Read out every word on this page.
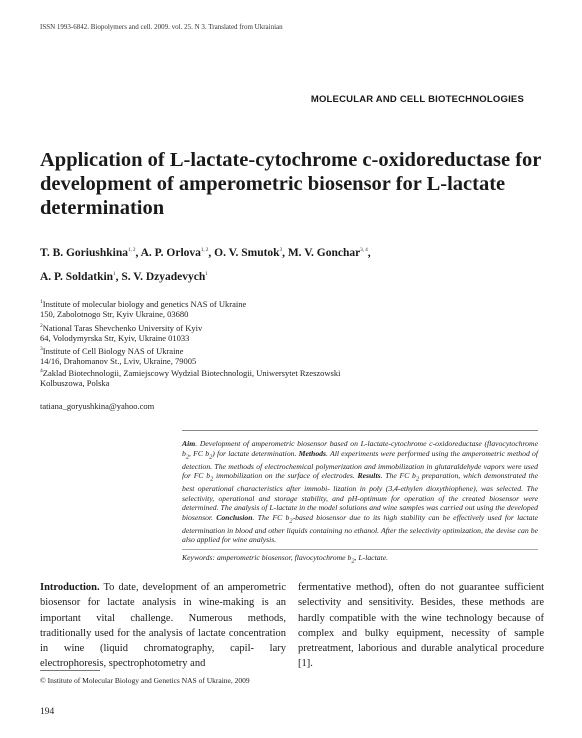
ISSN 1993-6842. Biopolymers and cell. 2009. vol. 25. N 3. Translated from Ukrainian
MOLECULAR AND CELL BIOTECHNOLOGIES
Application of L-lactate-cytochrome c-oxidoreductase for development of amperometric biosensor for L-lactate determination
T. B. Goriushkina$^{1, 2}$, A. P. Orlova$^{1, 2}$, O. V. Smutok$^3$, M. V. Gonchar$^{3, 4}$,
A. P. Soldatkin$^1$, S. V. Dzyadevych$^1$
$^1$Institute of molecular biology and genetics NAS of Ukraine
150, Zabolotnogo Str, Kyiv Ukraine, 03680
$^2$National Taras Shevchenko University of Kyiv
64, Volodymyrska Str, Kyiv, Ukraine 01033
$^3$Institute of Cell Biology NAS of Ukraine
14/16, Drahomanov St., Lviv, Ukraine, 79005
$^4$Zaklad Biotechnologii, Zamiejscowy Wydzial Biotechnologii, Uniwersytet Rzeszowski
Kolbuszowa, Polska
tatiana_goryushkina@yahoo.com
Aim. Development of amperometric biosensor based on L-lactate-cytochrome c-oxidoreductase (flavocytochrome $b_2$, FC $b_2$) for lactate determination. Methods. All experiments were performed using the amperometric method of detection. The methods of electrochemical polymerization and immobilization in glutaraldehyde vapors were used for FC $b_2$ immobilization on the surface of electrodes. Results. The FC $b_2$ preparation, which demonstrated the best operational characteristics after immobi- lization in poly (3,4-ethylen dioxythiophene), was selected. The selectivity, operational and storage stability, and pH-optimum for operation of the created biosensor were determined. The analysis of L-lactate in the model solutions and wine samples was carried out using the developed biosensor. Conclusion. The FC $b_2$-based biosensor due to its high stability can be effectively used for lactate determination in blood and other liquids containing no ethanol. After the selectivity optimization, the devise can be also applied for wine analysis.
Keywords: amperometric biosensor, flavocytochrome $b_2$, L-lactate.
Introduction. To date, development of an amperometric biosensor for lactate analysis in wine-making is an important vital challenge. Numerous methods, traditionally used for the analysis of lactate concentration in wine (liquid chromatography, capil- lary electrophoresis, spectrophotometry and
fermentative method), often do not guarantee sufficient selectivity and sensitivity. Besides, these methods are hardly compatible with the wine technology because of complex and bulky equipment, necessity of sample pretreatment, laborious and durable analytical procedure [1].
© Institute of Molecular Biology and Genetics NAS of Ukraine, 2009
194
